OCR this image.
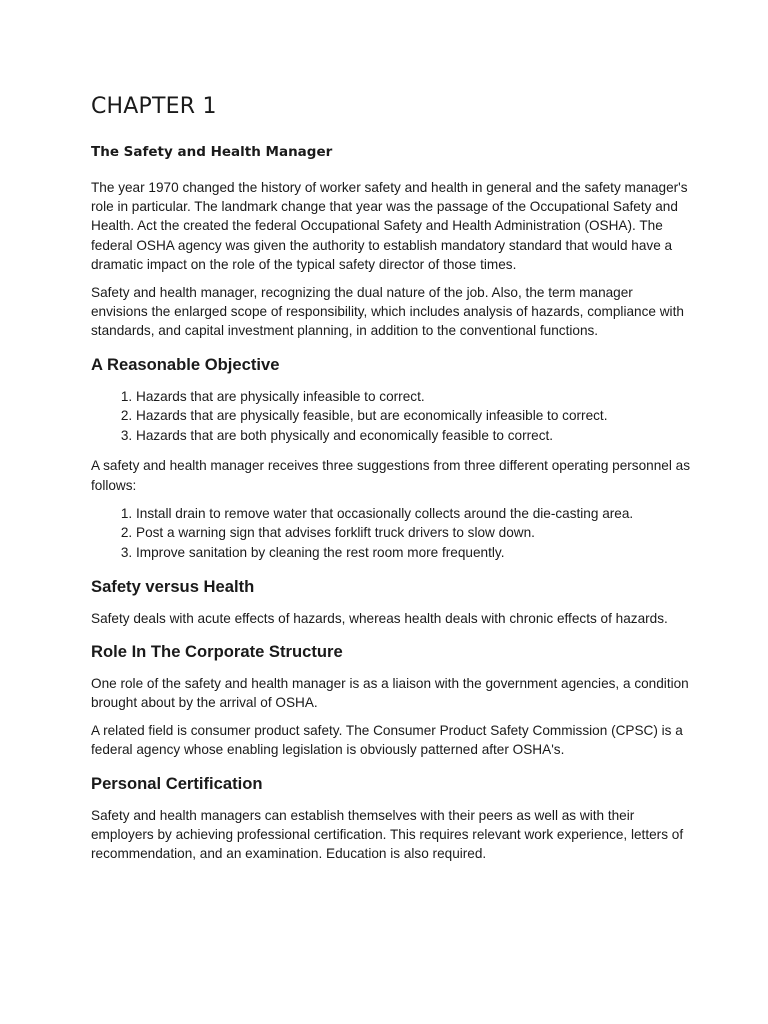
CHAPTER 1
The Safety and Health Manager

The year 1970 changed the history of worker safety and health in general and the safety manager's role in particular. The landmark change that year was the passage of the Occupational Safety and Health. Act the created the federal Occupational Safety and Health Administration (OSHA). The federal OSHA agency was given the authority to establish mandatory standard that would have a dramatic impact on the role of the typical safety director of those times.

Safety and health manager, recognizing the dual nature of the job. Also, the term manager envisions the enlarged scope of responsibility, which includes analysis of hazards, compliance with standards, and capital investment planning, in addition to the conventional functions.

A Reasonable Objective
1. Hazards that are physically infeasible to correct.
2. Hazards that are physically feasible, but are economically infeasible to correct.
3. Hazards that are both physically and economically feasible to correct.

A safety and health manager receives three suggestions from three different operating personnel as follows:

1. Install drain to remove water that occasionally collects around the die-casting area.
2. Post a warning sign that advises forklift truck drivers to slow down.
3. Improve sanitation by cleaning the rest room more frequently.
Safety versus Health

Safety deals with acute effects of hazards, whereas health deals with chronic effects of hazards.

Role In The Corporate Structure

One role of the safety and health manager is as a liaison with the government agencies, a condition brought about by the arrival of OSHA.

A related field is consumer product safety. The Consumer Product Safety Commission (CPSC) is a federal agency whose enabling legislation is obviously patterned after OSHA's.

Personal Certification

Safety and health managers can establish themselves with their peers as well as with their employers by achieving professional certification. This requires relevant work experience, letters of recommendation, and an examination. Education is also required.
